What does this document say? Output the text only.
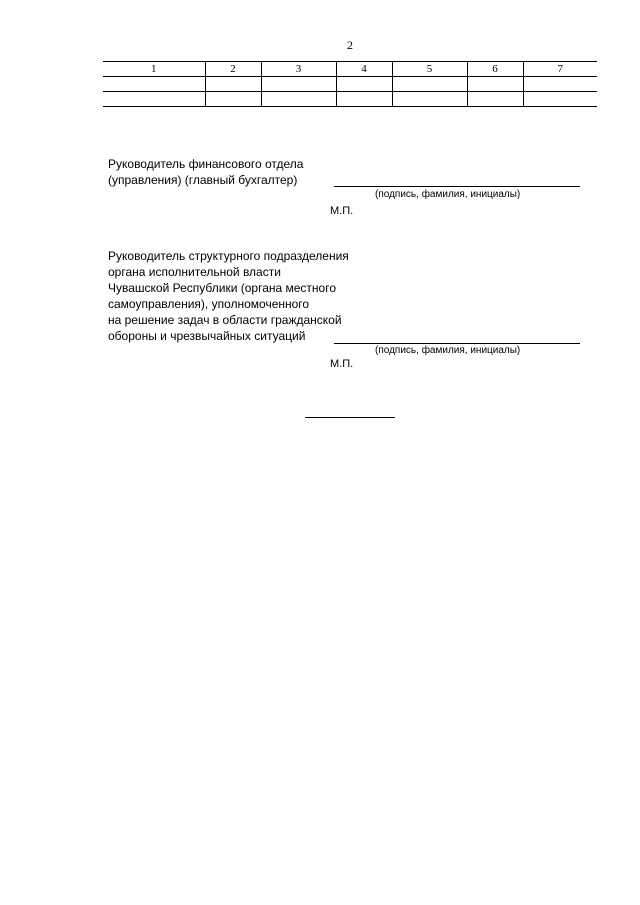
2
1	2	3	4	5	6	7

Руководитель финансового отдела
(управления) (главный бухгалтер)
(подпись, фамилия, инициалы)
М.П.
Руководитель структурного подразделения
органа исполнительной власти
Чувашской Республики (органа местного
самоуправления), уполномоченного
на решение задач в области гражданской
обороны и чрезвычайных ситуаций
(подпись, фамилия, инициалы)
М.П.
